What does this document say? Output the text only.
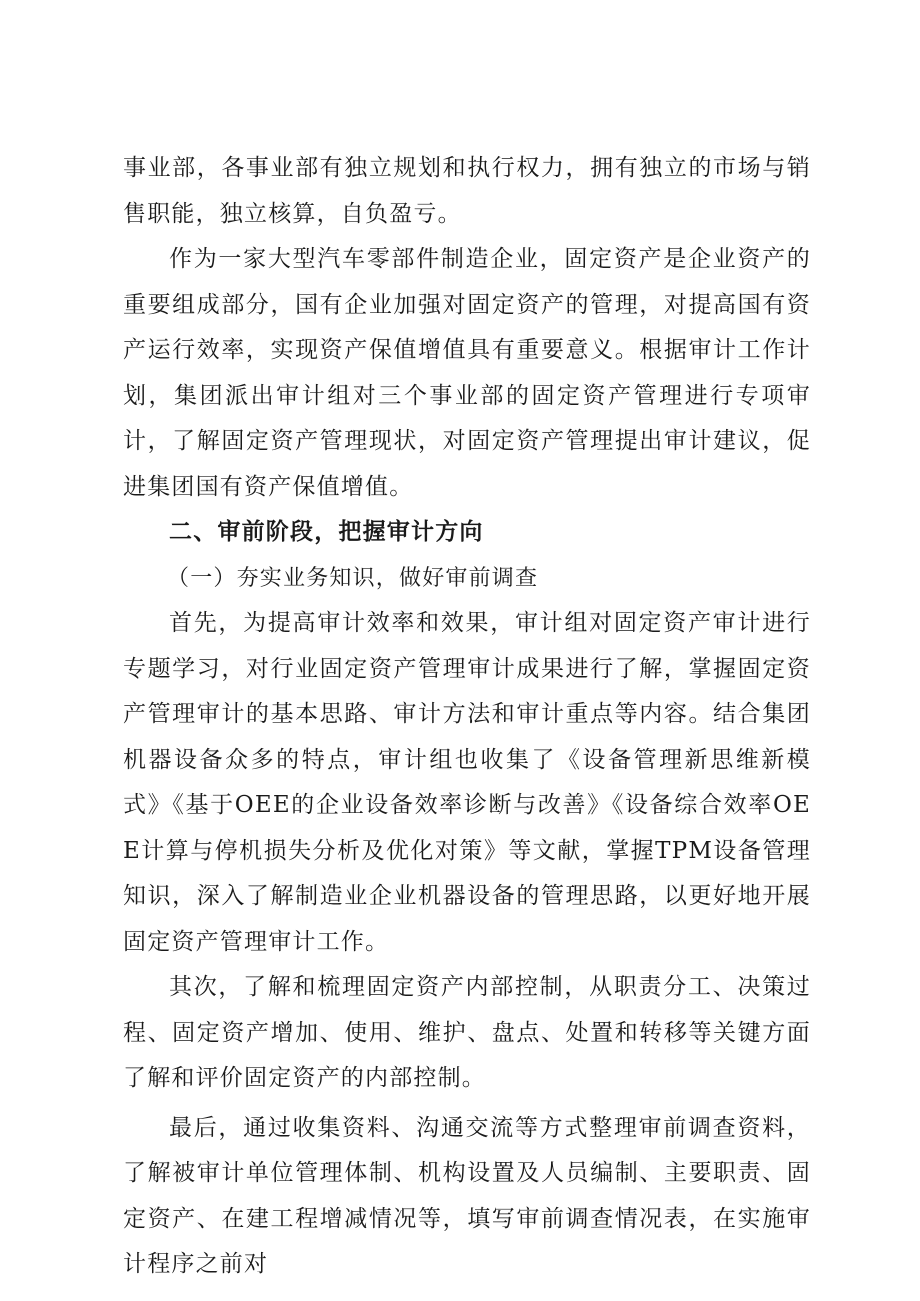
事业部，各事业部有独立规划和执行权力，拥有独立的市场与销售职能，独立核算，自负盈亏。

作为一家大型汽车零部件制造企业，固定资产是企业资产的重要组成部分，国有企业加强对固定资产的管理，对提高国有资产运行效率，实现资产保值增值具有重要意义。根据审计工作计划，集团派出审计组对三个事业部的固定资产管理进行专项审计，了解固定资产管理现状，对固定资产管理提出审计建议，促进集团国有资产保值增值。

二、审前阶段，把握审计方向

（一）夯实业务知识，做好审前调查

首先，为提高审计效率和效果，审计组对固定资产审计进行专题学习，对行业固定资产管理审计成果进行了解，掌握固定资产管理审计的基本思路、审计方法和审计重点等内容。结合集团机器设备众多的特点，审计组也收集了《设备管理新思维新模式》《基于OEE的企业设备效率诊断与改善》《设备综合效率OEE计算与停机损失分析及优化对策》等文献，掌握TPM设备管理知识，深入了解制造业企业机器设备的管理思路，以更好地开展固定资产管理审计工作。

其次，了解和梳理固定资产内部控制，从职责分工、决策过程、固定资产增加、使用、维护、盘点、处置和转移等关键方面了解和评价固定资产的内部控制。

最后，通过收集资料、沟通交流等方式整理审前调查资料，了解被审计单位管理体制、机构设置及人员编制、主要职责、固定资产、在建工程增减情况等，填写审前调查情况表，在实施审计程序之前对
